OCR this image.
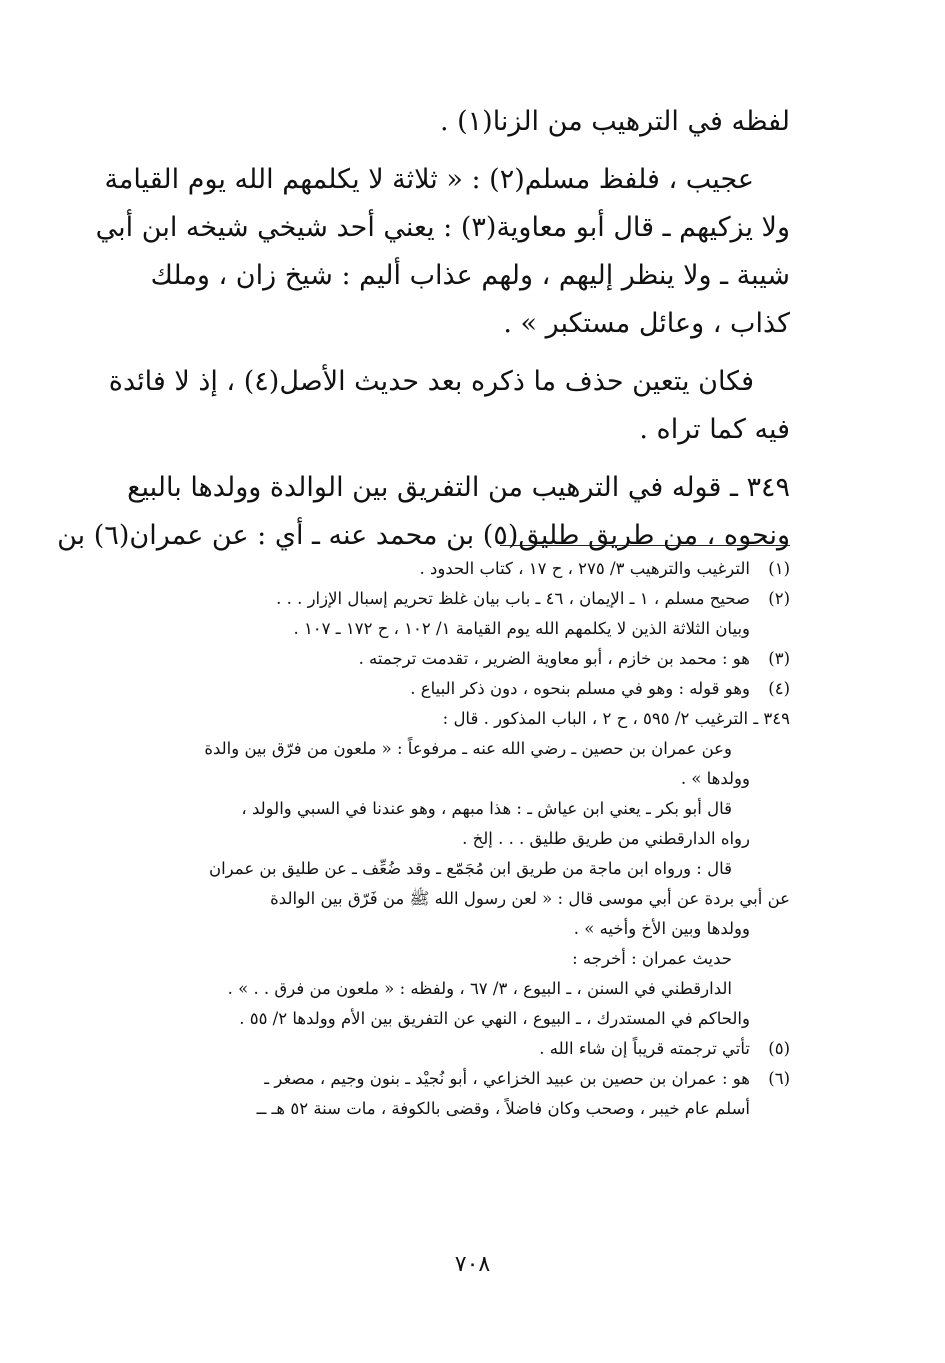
لفظه في الترهيب من الزنا(١) .
عجيب ، فلفظ مسلم(٢) : « ثلاثة لا يكلمهم الله يوم القيامة
ولا يزكيهم ـ قال أبو معاوية(٣) : يعني أحد شيخي شيخه ابن أبي
شيبة ـ ولا ينظر إليهم ، ولهم عذاب أليم : شيخ زان ، وملك
كذاب ، وعائل مستكبر » .
فكان يتعين حذف ما ذكره بعد حديث الأصل(٤) ، إذ لا فائدة
فيه كما تراه .
٣٤٩ ـ قوله في الترهيب من التفريق بين الوالدة وولدها بالبيع
ونحوه ، من طريق طليق(٥) بن محمد عنه ـ أي : عن عمران(٦) بن
(١)الترغيب والترهيب ٣/ ٢٧٥ ، ح ١٧ ، كتاب الحدود .
(٢)صحيح مسلم ، ١ ـ الإيمان ، ٤٦ ـ باب بيان غلظ تحريم إسبال الإزار . . .
وبيان الثلاثة الذين لا يكلمهم الله يوم القيامة ١/ ١٠٢ ، ح ١٧٢ ـ ١٠٧ .
(٣)هو : محمد بن خازم ، أبو معاوية الضرير ، تقدمت ترجمته .
(٤)وهو قوله : وهو في مسلم بنحوه ، دون ذكر البياع .
٣٤٩ ـ الترغيب ٢/ ٥٩٥ ، ح ٢ ، الباب المذكور . قال :
وعن عمران بن حصين ـ رضي الله عنه ـ مرفوعاً : « ملعون من فرّق بين والدة
وولدها » .
قال أبو بكر ـ يعني ابن عياش ـ : هذا مبهم ، وهو عندنا في السبي والولد ،
رواه الدارقطني من طريق طليق . . . إلخ .
قال : ورواه ابن ماجة من طريق ابن مُجَمّع ـ وقد ضُعِّف ـ عن طليق بن عمران
عن أبي بردة عن أبي موسى قال : « لعن رسول الله ﷺ من فَرّق بين الوالدة
وولدها وبين الأخ وأخيه » .
حديث عمران : أخرجه :
الدارقطني في السنن ، ـ البيوع ، ٣/ ٦٧ ، ولفظه : « ملعون من فرق . . » .
والحاكم في المستدرك ، ـ البيوع ، النهي عن التفريق بين الأم وولدها ٢/ ٥٥ .
(٥)تأتي ترجمته قريباً إن شاء الله .
(٦)هو : عمران بن حصين بن عبيد الخزاعي ، أبو نُجيْد ـ بنون وجيم ، مصغر ـ
أسلم عام خيبر ، وصحب وكان فاضلاً ، وقضى بالكوفة ، مات سنة ٥٢ هـ ــ
٧٠٨
